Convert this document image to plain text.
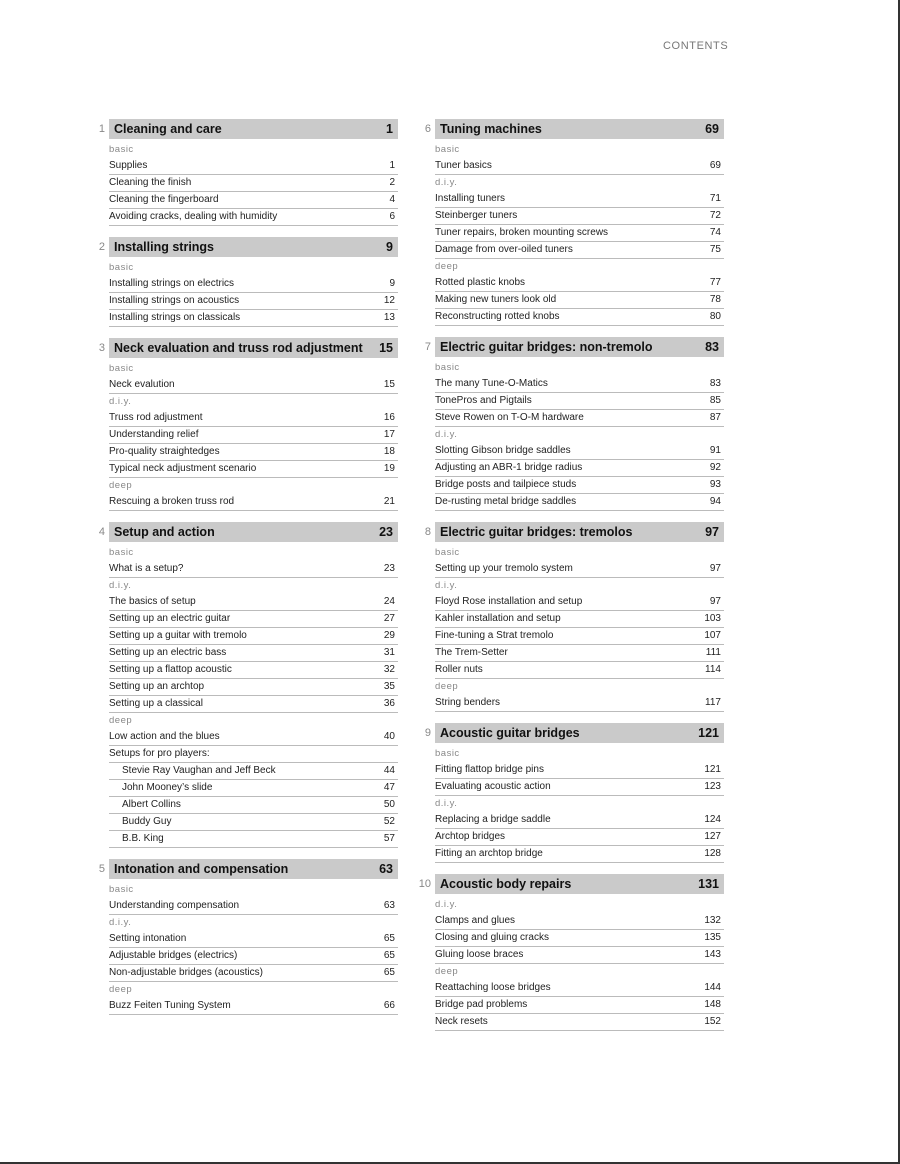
CONTENTS
1 Cleaning and care	1
basic
Supplies	1
Cleaning the finish	2
Cleaning the fingerboard	4
Avoiding cracks, dealing with humidity	6
2 Installing strings	9
basic
Installing strings on electrics	9
Installing strings on acoustics	12
Installing strings on classicals	13
3 Neck evaluation and truss rod adjustment 15
basic
Neck evalution	15
d.i.y.
Truss rod adjustment	16
Understanding relief	17
Pro-quality straightedges	18
Typical neck adjustment scenario	19
deep
Rescuing a broken truss rod	21
4 Setup and action	23
basic
What is a setup?	23
d.i.y.
The basics of setup	24
Setting up an electric guitar	27
Setting up a guitar with tremolo	29
Setting up an electric bass	31
Setting up a flattop acoustic	32
Setting up an archtop	35
Setting up a classical	36
deep
Low action and the blues	40
Setups for pro players:
Stevie Ray Vaughan and Jeff Beck	44
John Mooney’s slide	47
Albert Collins	50
Buddy Guy	52
B.B. King	57
5 Intonation and compensation	63
basic
Understanding compensation	63
d.i.y.
Setting intonation	65
Adjustable bridges (electrics)	65
Non-adjustable bridges (acoustics)	65
deep
Buzz Feiten Tuning System	66
6 Tuning machines	69
basic
Tuner basics	69
d.i.y.
Installing tuners	71
Steinberger tuners	72
Tuner repairs, broken mounting screws	74
Damage from over-oiled tuners	75
deep
Rotted plastic knobs	77
Making new tuners look old	78
Reconstructing rotted knobs	80
7 Electric guitar bridges: non-tremolo	83
basic
The many Tune-O-Matics	83
TonePros and Pigtails	85
Steve Rowen on T-O-M hardware	87
d.i.y.
Slotting Gibson bridge saddles	91
Adjusting an ABR-1 bridge radius	92
Bridge posts and tailpiece studs	93
De-rusting metal bridge saddles	94
8 Electric guitar bridges: tremolos	97
basic
Setting up your tremolo system	97
d.i.y.
Floyd Rose installation and setup	97
Kahler installation and setup	103
Fine-tuning a Strat tremolo	107
The Trem-Setter	111
Roller nuts	114
deep
String benders	117
9 Acoustic guitar bridges	121
basic
Fitting flattop bridge pins	121
Evaluating acoustic action	123
d.i.y.
Replacing a bridge saddle	124
Archtop bridges	127
Fitting an archtop bridge	128
10 Acoustic body repairs	131
d.i.y.
Clamps and glues	132
Closing and gluing cracks	135
Gluing loose braces	143
deep
Reattaching loose bridges	144
Bridge pad problems	148
Neck resets	152
